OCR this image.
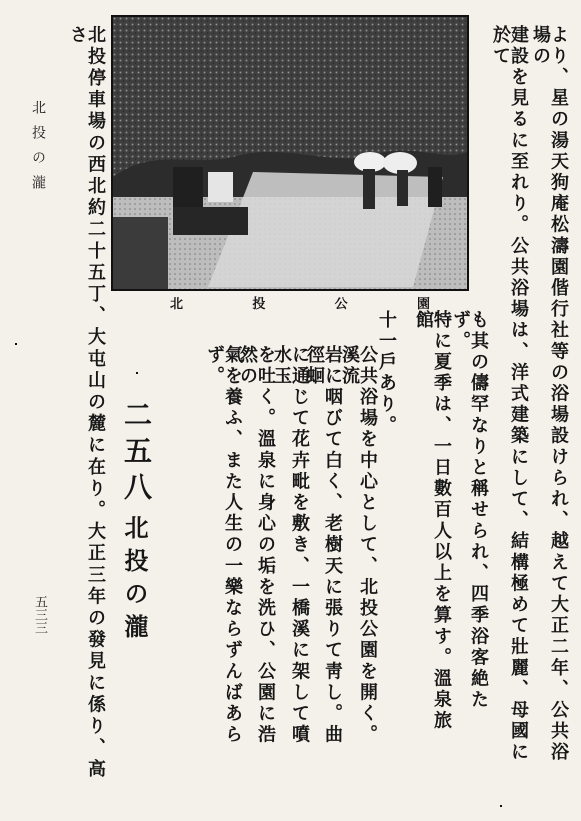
北	投	公	園	より、星の湯天狗庵松濤園偕行社等の浴場設けられ、越えて大正二年、公共浴場の
建設を見るに至れり。公共浴場は、洋式建築にして、結構極めて壯麗、母國に於て
も其の儔罕なりと稱せられ、四季浴客絶たず。
特に夏季は、一日數百人以上を算す。溫泉旅館
十一戶あり。
公共浴場を中心として、北投公園を開く。溪流
岩に咽びて白く、老樹天に張りて靑し。曲徑蛔
に通じて花卉毗を敷き、一橋溪に架して噴水玉
を吐く。溫泉に身心の垢を洗ひ、公園に浩然の
氣を養ふ、また人生の一樂ならずんばあらず。
二五八
北投の瀧
北投停車場の西北約二十五丁、大屯山の麓に在り。大正三年の發見に係り、高さ
北投の瀧
五三三
